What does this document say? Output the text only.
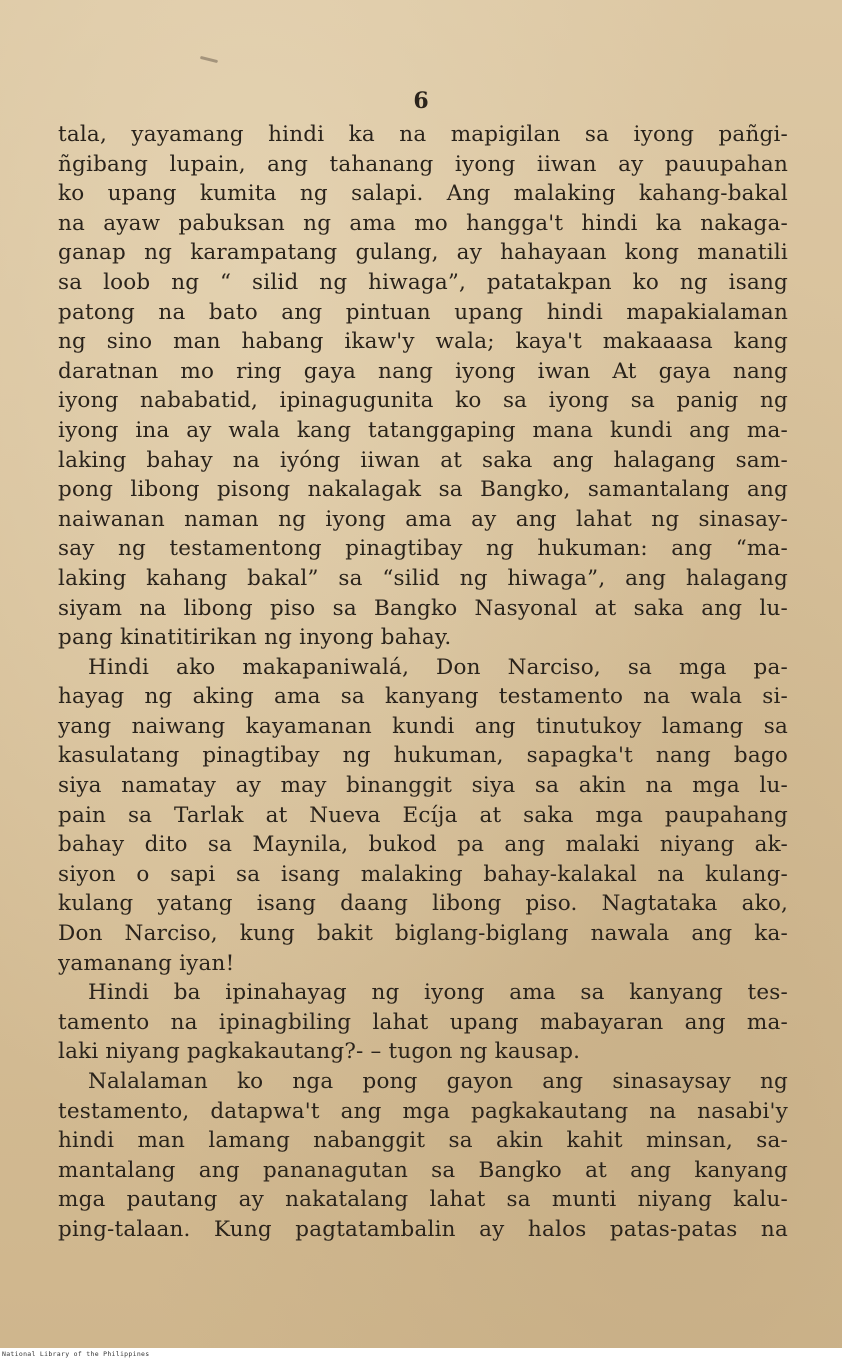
6
tala, yayamang hindi ka na mapigilan sa iyong pañgi-
ñgibang lupain, ang tahanang iyong iiwan ay pauupahan
ko upang kumita ng salapi. Ang malaking kahang-bakal
na ayaw pabuksan ng ama mo hangga't hindi ka nakaga-
ganap ng karampatang gulang, ay hahayaan kong manatili
sa loob ng “ silid ng hiwaga”, patatakpan ko ng isang
patong na bato ang pintuan upang hindi mapakialaman
ng sino man habang ikaw'y wala; kaya't makaaasa kang
daratnan mo ring gaya nang iyong iwan At gaya nang
iyong nababatid, ipinagugunita ko sa iyong sa panig ng
iyong ina ay wala kang tatanggaping mana kundi ang ma-
laking bahay na iyóng iiwan at saka ang halagang sam-
pong libong pisong nakalagak sa Bangko, samantalang ang
naiwanan naman ng iyong ama ay ang lahat ng sinasay-
say ng testamentong pinagtibay ng hukuman: ang “ma-
laking kahang bakal” sa “silid ng hiwaga”, ang halagang
siyam na libong piso sa Bangko Nasyonal at saka ang lu-
pang kinatitirikan ng inyong bahay.
Hindi ako makapaniwalá, Don Narciso, sa mga pa-
hayag ng aking ama sa kanyang testamento na wala si-
yang naiwang kayamanan kundi ang tinutukoy lamang sa
kasulatang pinagtibay ng hukuman, sapagka't nang bago
siya namatay ay may binanggit siya sa akin na mga lu-
pain sa Tarlak at Nueva Ecíja at saka mga paupahang
bahay dito sa Maynila, bukod pa ang malaki niyang ak-
siyon o sapi sa isang malaking bahay-kalakal na kulang-
kulang yatang isang daang libong piso. Nagtataka ako,
Don Narciso, kung bakit biglang-biglang nawala ang ka-
yamanang iyan!
Hindi ba ipinahayag ng iyong ama sa kanyang tes-
tamento na ipinagbiling lahat upang mabayaran ang ma-
laki niyang pagkakautang?- – tugon ng kausap.
Nalalaman ko nga pong gayon ang sinasaysay ng
testamento, datapwa't ang mga pagkakautang na nasabi'y
hindi man lamang nabanggit sa akin kahit minsan, sa-
mantalang ang pananagutan sa Bangko at ang kanyang
mga pautang ay nakatalang lahat sa munti niyang kalu-
ping-talaan. Kung pagtatambalin ay halos patas-patas na
National Library of the Philippines
